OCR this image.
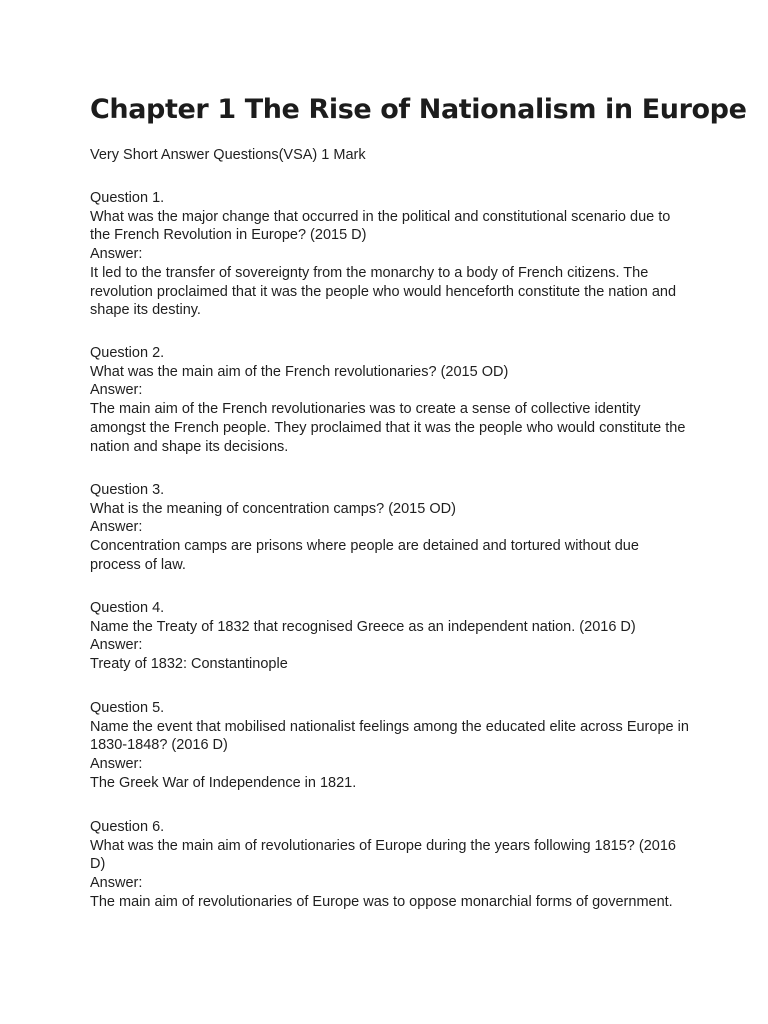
Chapter 1 The Rise of Nationalism in Europe
Very Short Answer Questions(VSA) 1 Mark
Question 1.
What was the major change that occurred in the political and constitutional scenario due to the French Revolution in Europe? (2015 D)
Answer:
It led to the transfer of sovereignty from the monarchy to a body of French citizens. The revolution proclaimed that it was the people who would henceforth constitute the nation and shape its destiny.
Question 2.
What was the main aim of the French revolutionaries? (2015 OD)
Answer:
The main aim of the French revolutionaries was to create a sense of collective identity amongst the French people. They proclaimed that it was the people who would constitute the nation and shape its decisions.
Question 3.
What is the meaning of concentration camps? (2015 OD)
Answer:
Concentration camps are prisons where people are detained and tortured without due process of law.
Question 4.
Name the Treaty of 1832 that recognised Greece as an independent nation. (2016 D)
Answer:
Treaty of 1832: Constantinople
Question 5.
Name the event that mobilised nationalist feelings among the educated elite across Europe in 1830-1848? (2016 D)
Answer:
The Greek War of Independence in 1821.
Question 6.
What was the main aim of revolutionaries of Europe during the years following 1815? (2016 D)
Answer:
The main aim of revolutionaries of Europe was to oppose monarchial forms of government.
